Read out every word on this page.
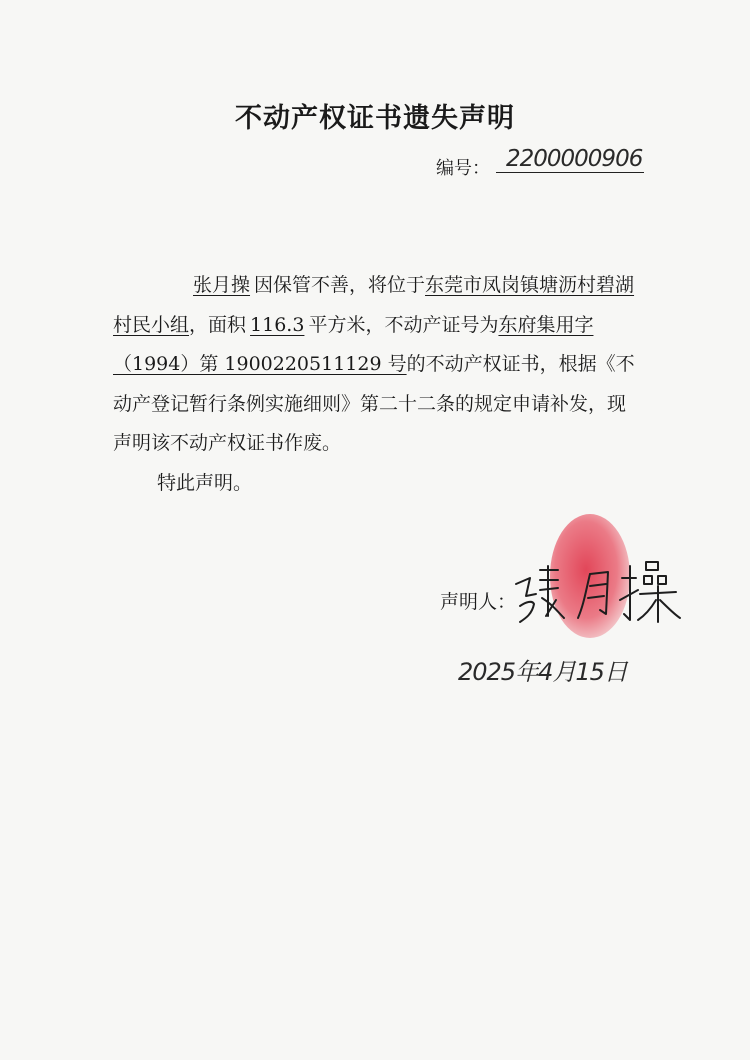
不动产权证书遗失声明
编号： 2200000906
张月操 因保管不善，将位于东莞市凤岗镇塘沥村碧湖村民小组，面积 116.3 平方米，不动产证号为东府集用字（1994）第 1900220511129 号的不动产权证书，根据《不动产登记暂行条例实施细则》第二十二条的规定申请补发，现声明该不动产权证书作废。
特此声明。
声明人：
2025年4月15日
